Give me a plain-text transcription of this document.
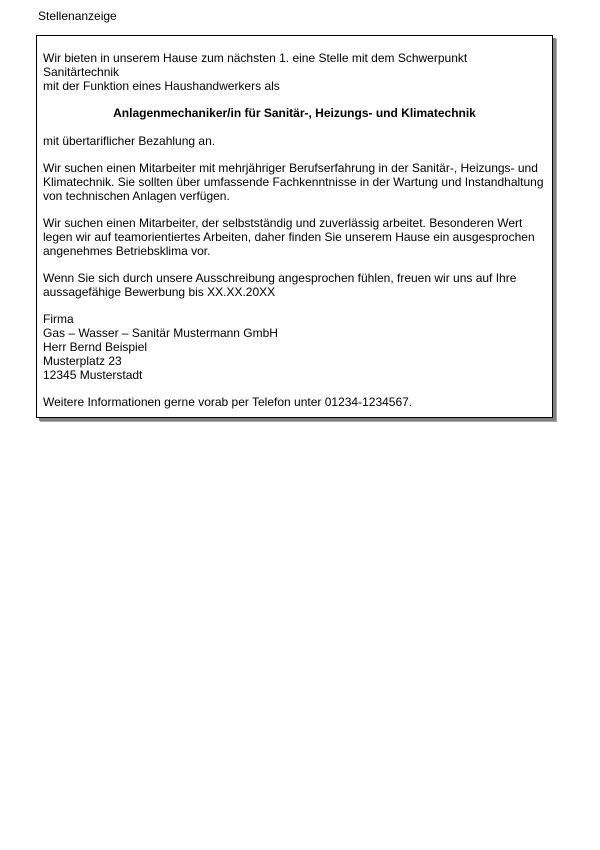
Stellenanzeige

Wir bieten in unserem Hause zum nächsten 1. eine Stelle mit dem Schwerpunkt Sanitärtechnik
mit der Funktion eines Haushandwerkers als

Anlagenmechaniker/in für Sanitär-, Heizungs- und Klimatechnik

mit übertariflicher Bezahlung an.

Wir suchen einen Mitarbeiter mit mehrjähriger Berufserfahrung in der Sanitär-, Heizungs- und
Klimatechnik. Sie sollten über umfassende Fachkenntnisse in der Wartung und Instandhaltung
von technischen Anlagen verfügen.

Wir suchen einen Mitarbeiter, der selbstständig und zuverlässig arbeitet. Besonderen Wert
legen wir auf teamorientiertes Arbeiten, daher finden Sie unserem Hause ein ausgesprochen
angenehmes Betriebsklima vor.

Wenn Sie sich durch unsere Ausschreibung angesprochen fühlen, freuen wir uns auf Ihre
aussagefähige Bewerbung bis XX.XX.20XX

Firma
Gas – Wasser – Sanitär Mustermann GmbH
Herr Bernd Beispiel
Musterplatz 23
12345 Musterstadt

Weitere Informationen gerne vorab per Telefon unter 01234-1234567.
